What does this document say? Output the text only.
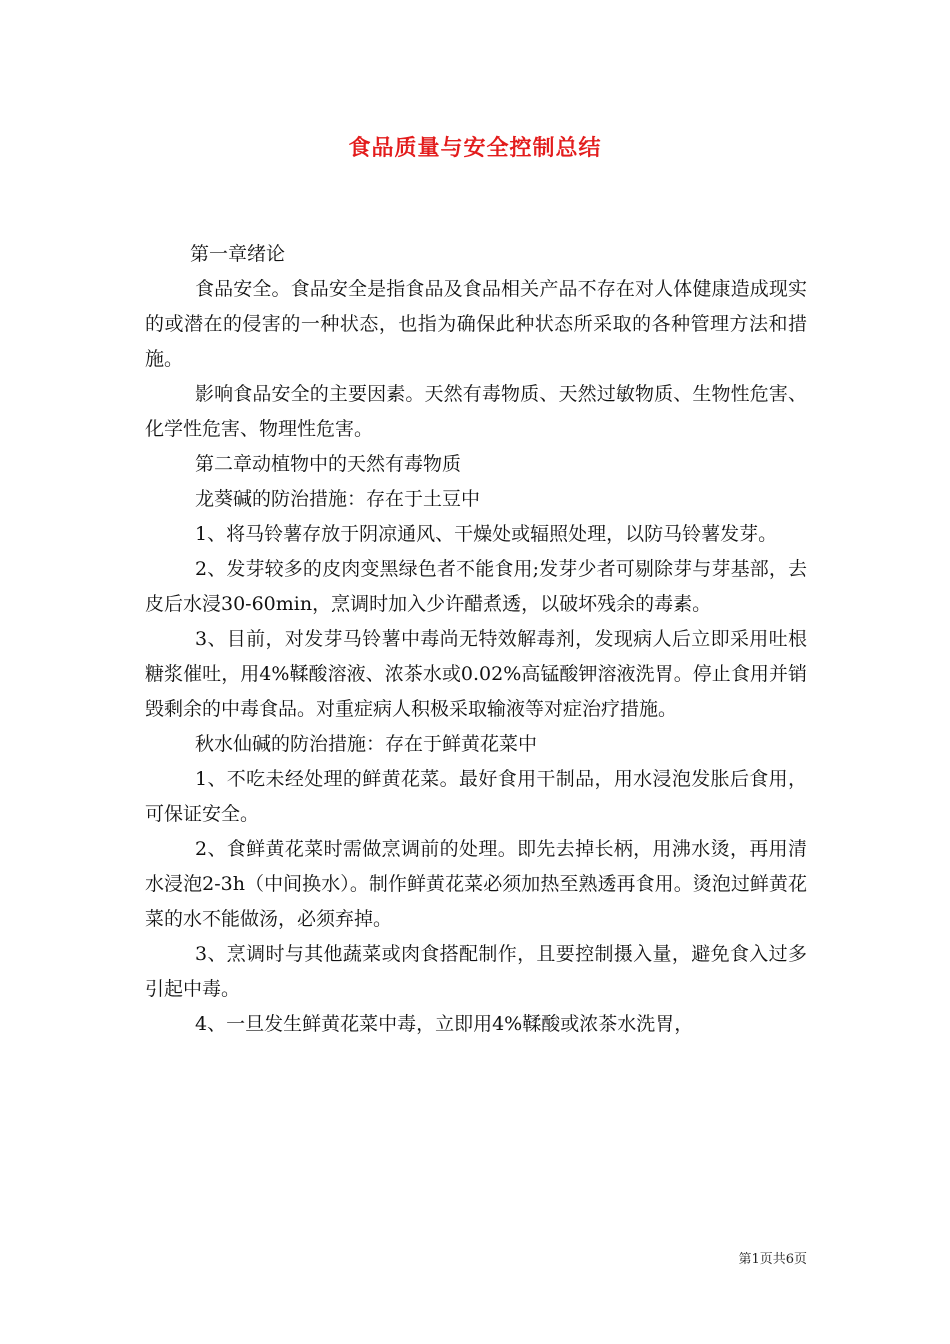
食品质量与安全控制总结

第一章绪论

食品安全。食品安全是指食品及食品相关产品不存在对人体健康造成现实的或潜在的侵害的一种状态，也指为确保此种状态所采取的各种管理方法和措施。

影响食品安全的主要因素。天然有毒物质、天然过敏物质、生物性危害、化学性危害、物理性危害。

第二章动植物中的天然有毒物质

龙葵碱的防治措施：存在于土豆中

1、将马铃薯存放于阴凉通风、干燥处或辐照处理，以防马铃薯发芽。

2、发芽较多的皮肉变黑绿色者不能食用;发芽少者可剔除芽与芽基部，去皮后水浸30-60min，烹调时加入少许醋煮透，以破坏残余的毒素。

3、目前，对发芽马铃薯中毒尚无特效解毒剂，发现病人后立即采用吐根糖浆催吐，用4%鞣酸溶液、浓茶水或0.02%高锰酸钾溶液洗胃。停止食用并销毁剩余的中毒食品。对重症病人积极采取输液等对症治疗措施。

秋水仙碱的防治措施：存在于鲜黄花菜中

1、不吃未经处理的鲜黄花菜。最好食用干制品，用水浸泡发胀后食用，可保证安全。

2、食鲜黄花菜时需做烹调前的处理。即先去掉长柄，用沸水烫，再用清水浸泡2-3h（中间换水）。制作鲜黄花菜必须加热至熟透再食用。烫泡过鲜黄花菜的水不能做汤，必须弃掉。

3、烹调时与其他蔬菜或肉食搭配制作，且要控制摄入量，避免食入过多引起中毒。

4、一旦发生鲜黄花菜中毒，立即用4%鞣酸或浓茶水洗胃，

第1页共6页
